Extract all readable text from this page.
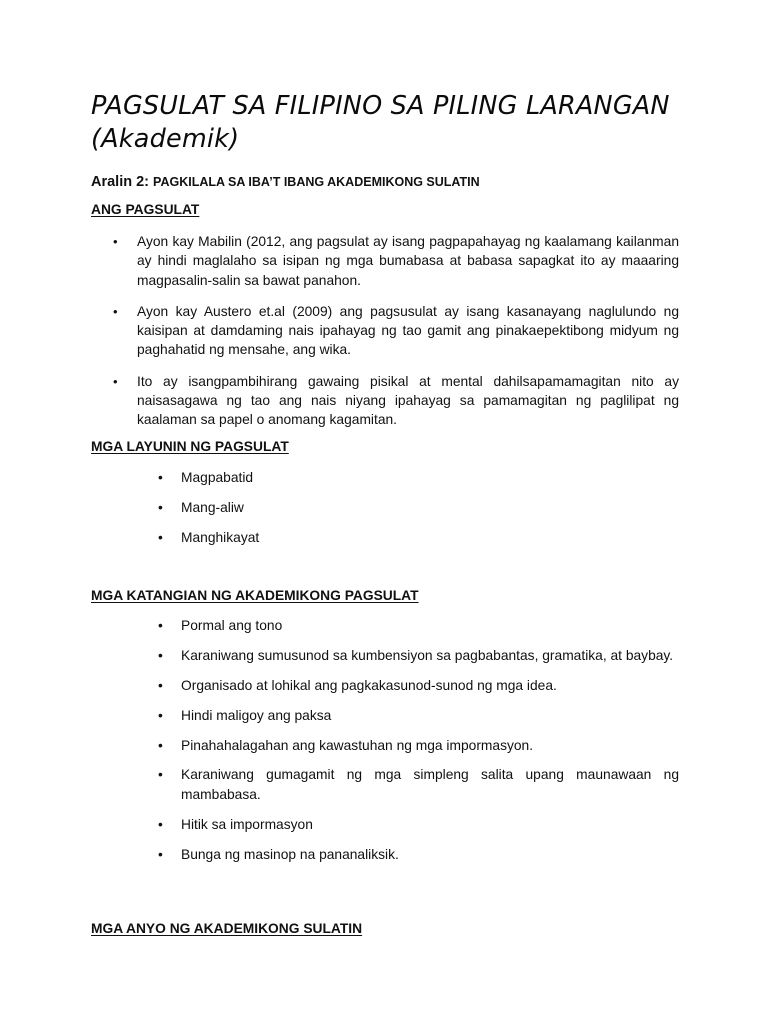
PAGSULAT SA FILIPINO SA PILING LARANGAN
(Akademik)
Aralin 2: PAGKILALA SA IBA’T IBANG AKADEMIKONG SULATIN
ANG PAGSULAT
• Ayon kay Mabilin (2012, ang pagsulat ay isang pagpapahayag ng kaalamang kailanman ay hindi maglalaho sa isipan ng mga bumabasa at babasa sapagkat ito ay maaaring magpasalin-salin sa bawat panahon.
• Ayon kay Austero et.al (2009) ang pagsusulat ay isang kasanayang naglulundo ng kaisipan at damdaming nais ipahayag ng tao gamit ang pinakaepektibong midyum ng paghahatid ng mensahe, ang wika.
• Ito ay isangpambihirang gawaing pisikal at mental dahilsapamamagitan nito ay naisasagawa ng tao ang nais niyang ipahayag sa pamamagitan ng paglilipat ng kaalaman sa papel o anomang kagamitan.
MGA LAYUNIN NG PAGSULAT
• Magpabatid
• Mang-aliw
• Manghikayat
MGA KATANGIAN NG AKADEMIKONG PAGSULAT
• Pormal ang tono
• Karaniwang sumusunod sa kumbensiyon sa pagbabantas, gramatika, at baybay.
• Organisado at lohikal ang pagkakasunod-sunod ng mga idea.
• Hindi maligoy ang paksa
• Pinahahalagahan ang kawastuhan ng mga impormasyon.
• Karaniwang gumagamit ng mga simpleng salita upang maunawaan ng mambabasa.
• Hitik sa impormasyon
• Bunga ng masinop na pananaliksik.
MGA ANYO NG AKADEMIKONG SULATIN
